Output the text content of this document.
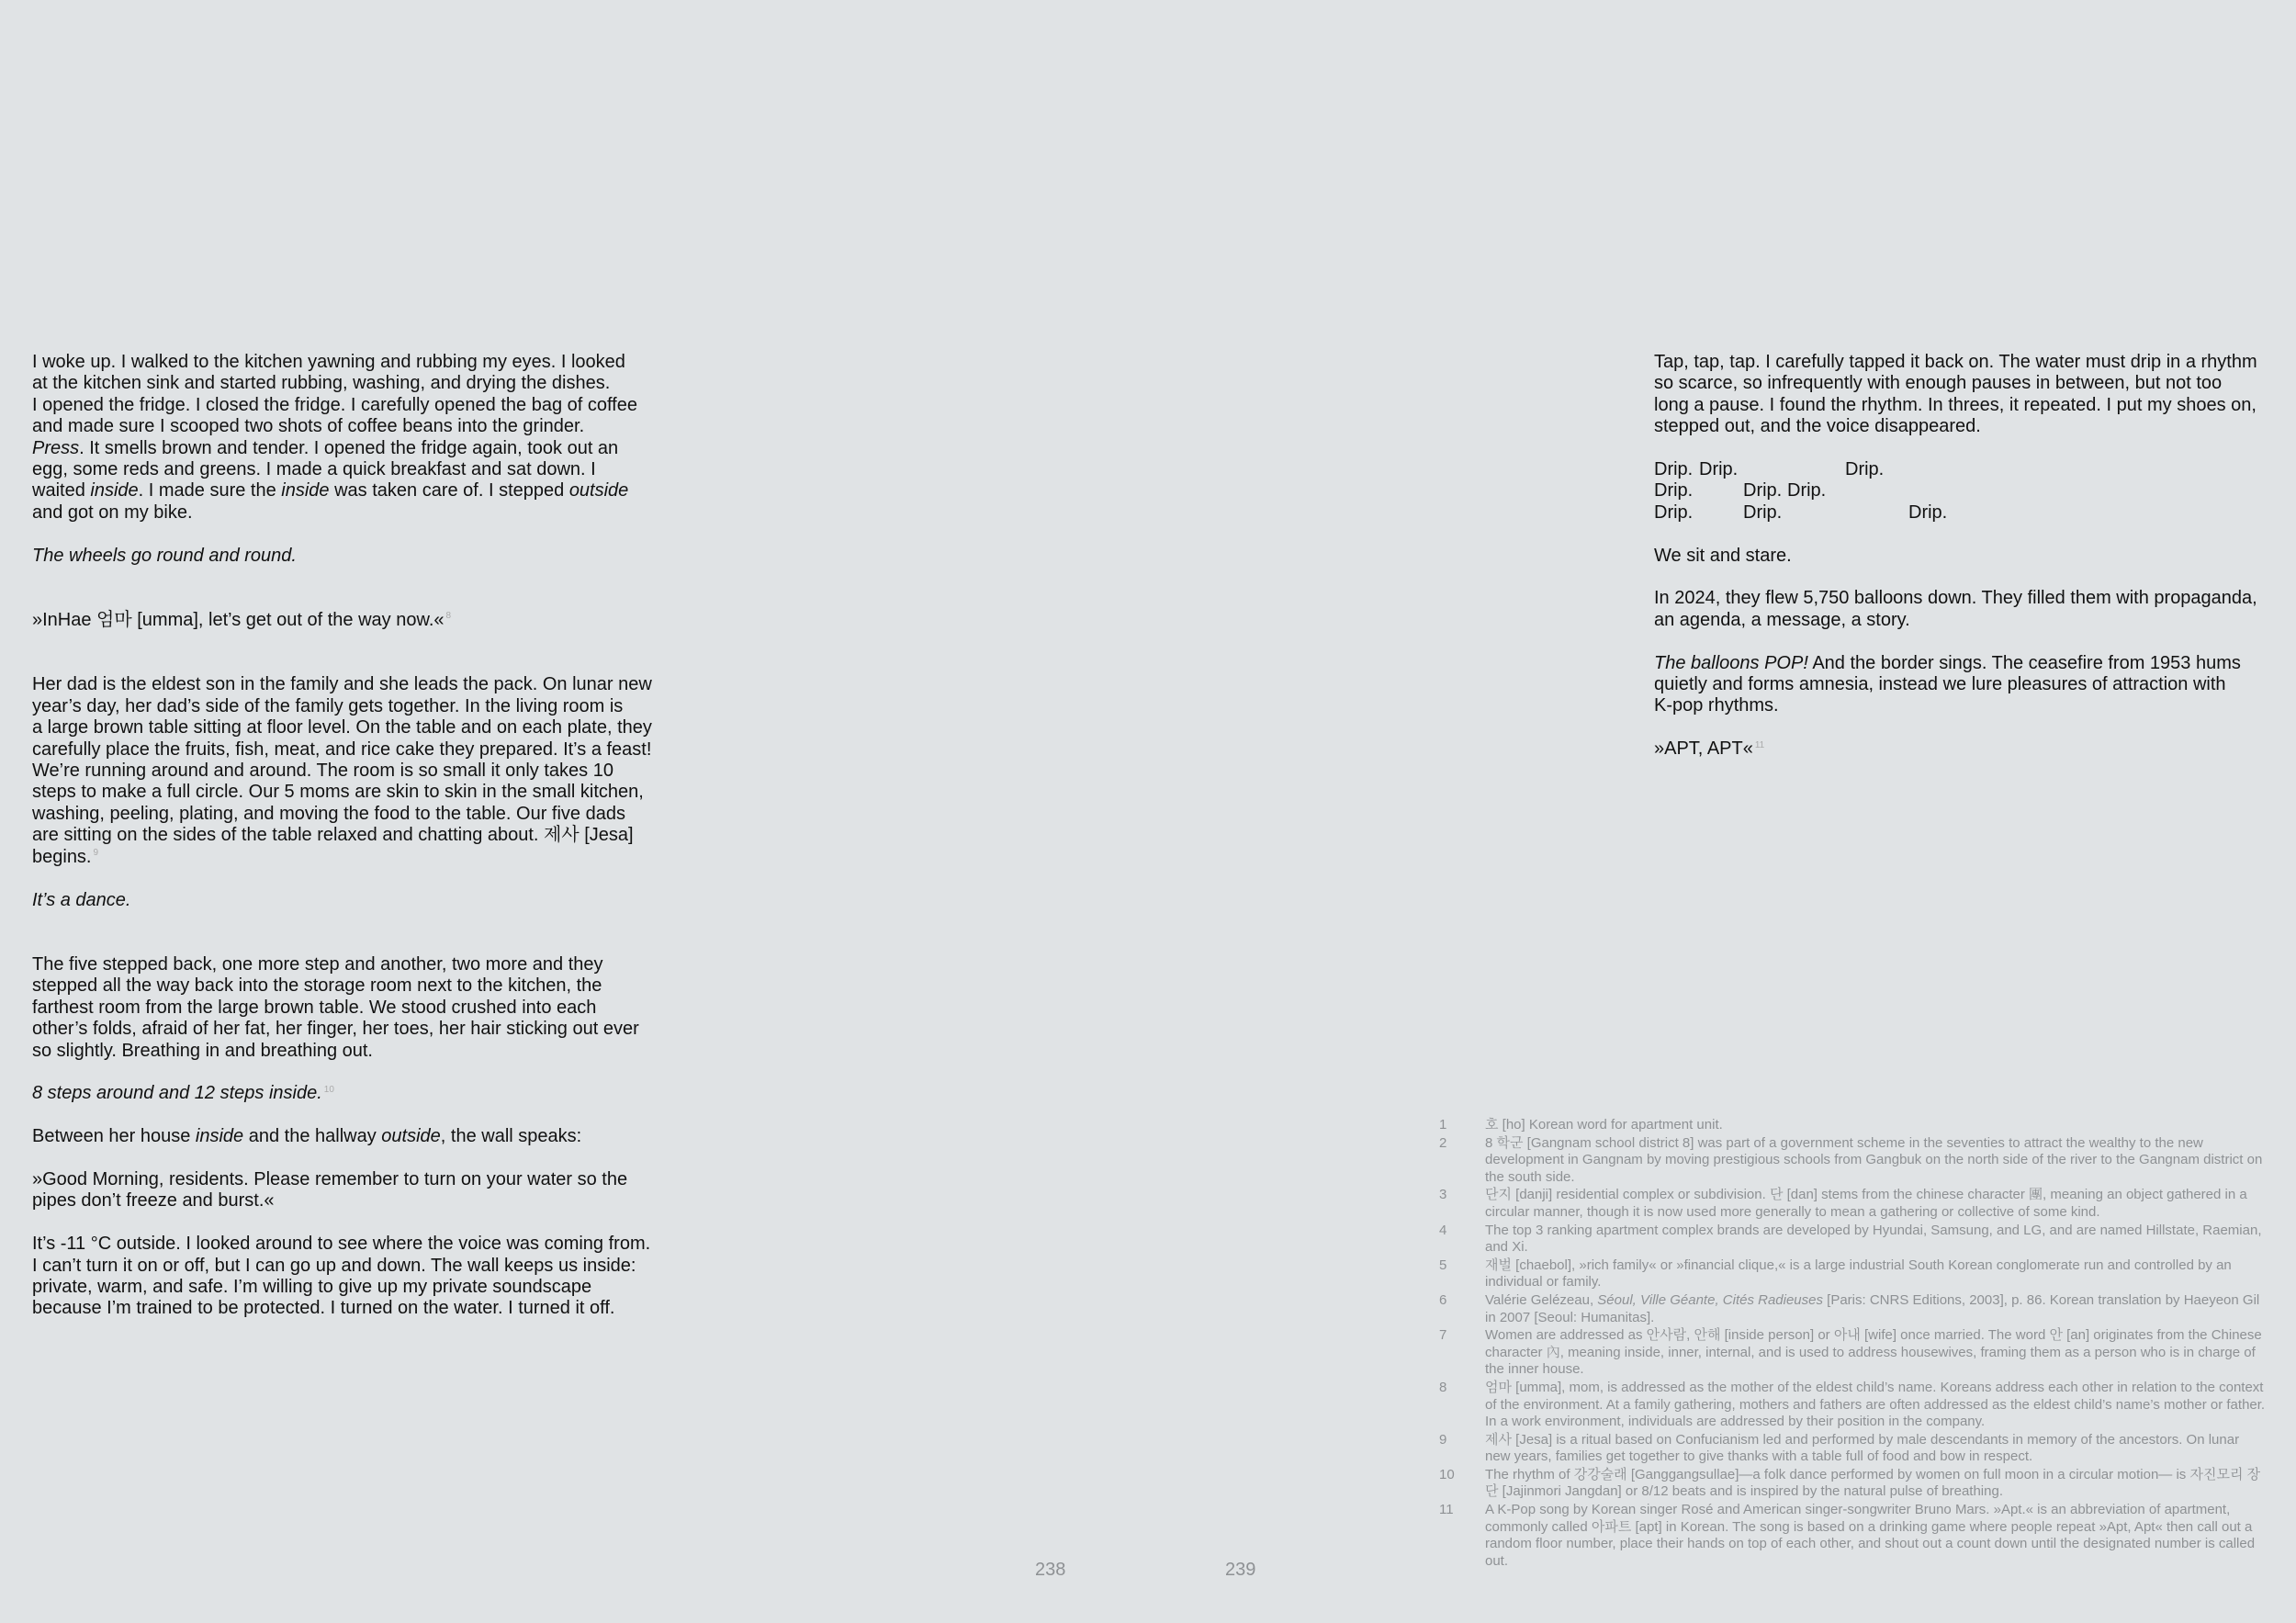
I woke up. I walked to the kitchen yawning and rubbing my eyes. I looked
at the kitchen sink and started rubbing, washing, and drying the dishes.
I opened the fridge. I closed the fridge. I carefully opened the bag of coffee
and made sure I scooped two shots of coffee beans into the grinder.
Press. It smells brown and tender. I opened the fridge again, took out an
egg, some reds and greens. I made a quick breakfast and sat down. I
waited inside. I made sure the inside was taken care of. I stepped outside
and got on my bike.

The wheels go round and round.

»InHae 엄마 [umma], let’s get out of the way now.« $^8$

Her dad is the eldest son in the family and she leads the pack. On lunar new
year’s day, her dad’s side of the family gets together. In the living room is
a large brown table sitting at floor level. On the table and on each plate, they
carefully place the fruits, fish, meat, and rice cake they prepared. It’s a feast!
We’re running around and around. The room is so small it only takes 10
steps to make a full circle. Our 5 moms are skin to skin in the small kitchen,
washing, peeling, plating, and moving the food to the table. Our five dads
are sitting on the sides of the table relaxed and chatting about. 제사 [Jesa]
begins. $^9$

It’s a dance.

The five stepped back, one more step and another, two more and they
stepped all the way back into the storage room next to the kitchen, the
farthest room from the large brown table. We stood crushed into each
other’s folds, afraid of her fat, her finger, her toes, her hair sticking out ever
so slightly. Breathing in and breathing out.

8 steps around and 12 steps inside. $^{10}$

Between her house inside and the hallway outside, the wall speaks:

»Good Morning, residents. Please remember to turn on your water so the
pipes don’t freeze and burst.«

It’s -11 °C outside. I looked around to see where the voice was coming from.
I can’t turn it on or off, but I can go up and down. The wall keeps us inside:
private, warm, and safe. I’m willing to give up my private soundscape
because I’m trained to be protected. I turned on the water. I turned it off.

Tap, tap, tap. I carefully tapped it back on. The water must drip in a rhythm
so scarce, so infrequently with enough pauses in between, but not too
long a pause. I found the rhythm. In threes, it repeated. I put my shoes on,
stepped out, and the voice disappeared.

Drip. Drip.	Drip.
Drip.	Drip. Drip.
Drip.	Drip.	Drip.

We sit and stare.

In 2024, they flew 5,750 balloons down. They filled them with propaganda,
an agenda, a message, a story.

The balloons POP! And the border sings. The ceasefire from 1953 hums
quietly and forms amnesia, instead we lure pleasures of attraction with
K-pop rhythms.

»APT, APT« $^{11}$

1	호 [ho] Korean word for apartment unit.
2	8 학군 [Gangnam school district 8] was part of a government scheme in the seventies to attract the wealthy to the new development in Gangnam by moving prestigious schools from Gangbuk on the north side of the river to the Gangnam district on the south side.
3	단지 [danji] residential complex or subdivision. 단 [dan] stems from the chinese character 團, meaning an object gathered in a circular manner, though it is now used more generally to mean a gathering or collective of some kind.
4	The top 3 ranking apartment complex brands are developed by Hyundai, Samsung, and LG, and are named Hillstate, Raemian, and Xi.
5	재벌 [chaebol], »rich family« or »financial clique,« is a large industrial South Korean conglomerate run and controlled by an individual or family.
6	Valérie Gelézeau, Séoul, Ville Géante, Cités Radieuses [Paris: CNRS Editions, 2003], p. 86. Korean translation by Haeyeon Gil in 2007 [Seoul: Humanitas].
7	Women are addressed as 안사람, 안해 [inside person] or 아내 [wife] once married. The word 안 [an] originates from the Chinese character 內, meaning inside, inner, internal, and is used to address housewives, framing them as a person who is in charge of the inner house.
8	엄마 [umma], mom, is addressed as the mother of the eldest child’s name. Koreans address each other in relation to the context of the environment. At a family gathering, mothers and fathers are often addressed as the eldest child’s name’s mother or father. In a work environment, individuals are addressed by their position in the company.
9	제사 [Jesa] is a ritual based on Confucianism led and performed by male descendants in memory of the ancestors. On lunar new years, families get together to give thanks with a table full of food and bow in respect.
10	The rhythm of 강강술래 [Ganggangsullae]—a folk dance performed by women on full moon in a circular motion— is 자진모리 장단 [Jajinmori Jangdan] or 8/12 beats and is inspired by the natural pulse of breathing.
11	A K-Pop song by Korean singer Rosé and American singer-songwriter Bruno Mars. »Apt.« is an abbreviation of apartment, commonly called 아파트 [apt] in Korean. The song is based on a drinking game where people repeat »Apt, Apt« then call out a random floor number, place their hands on top of each other, and shout out a count down until the designated number is called out.
238	239
